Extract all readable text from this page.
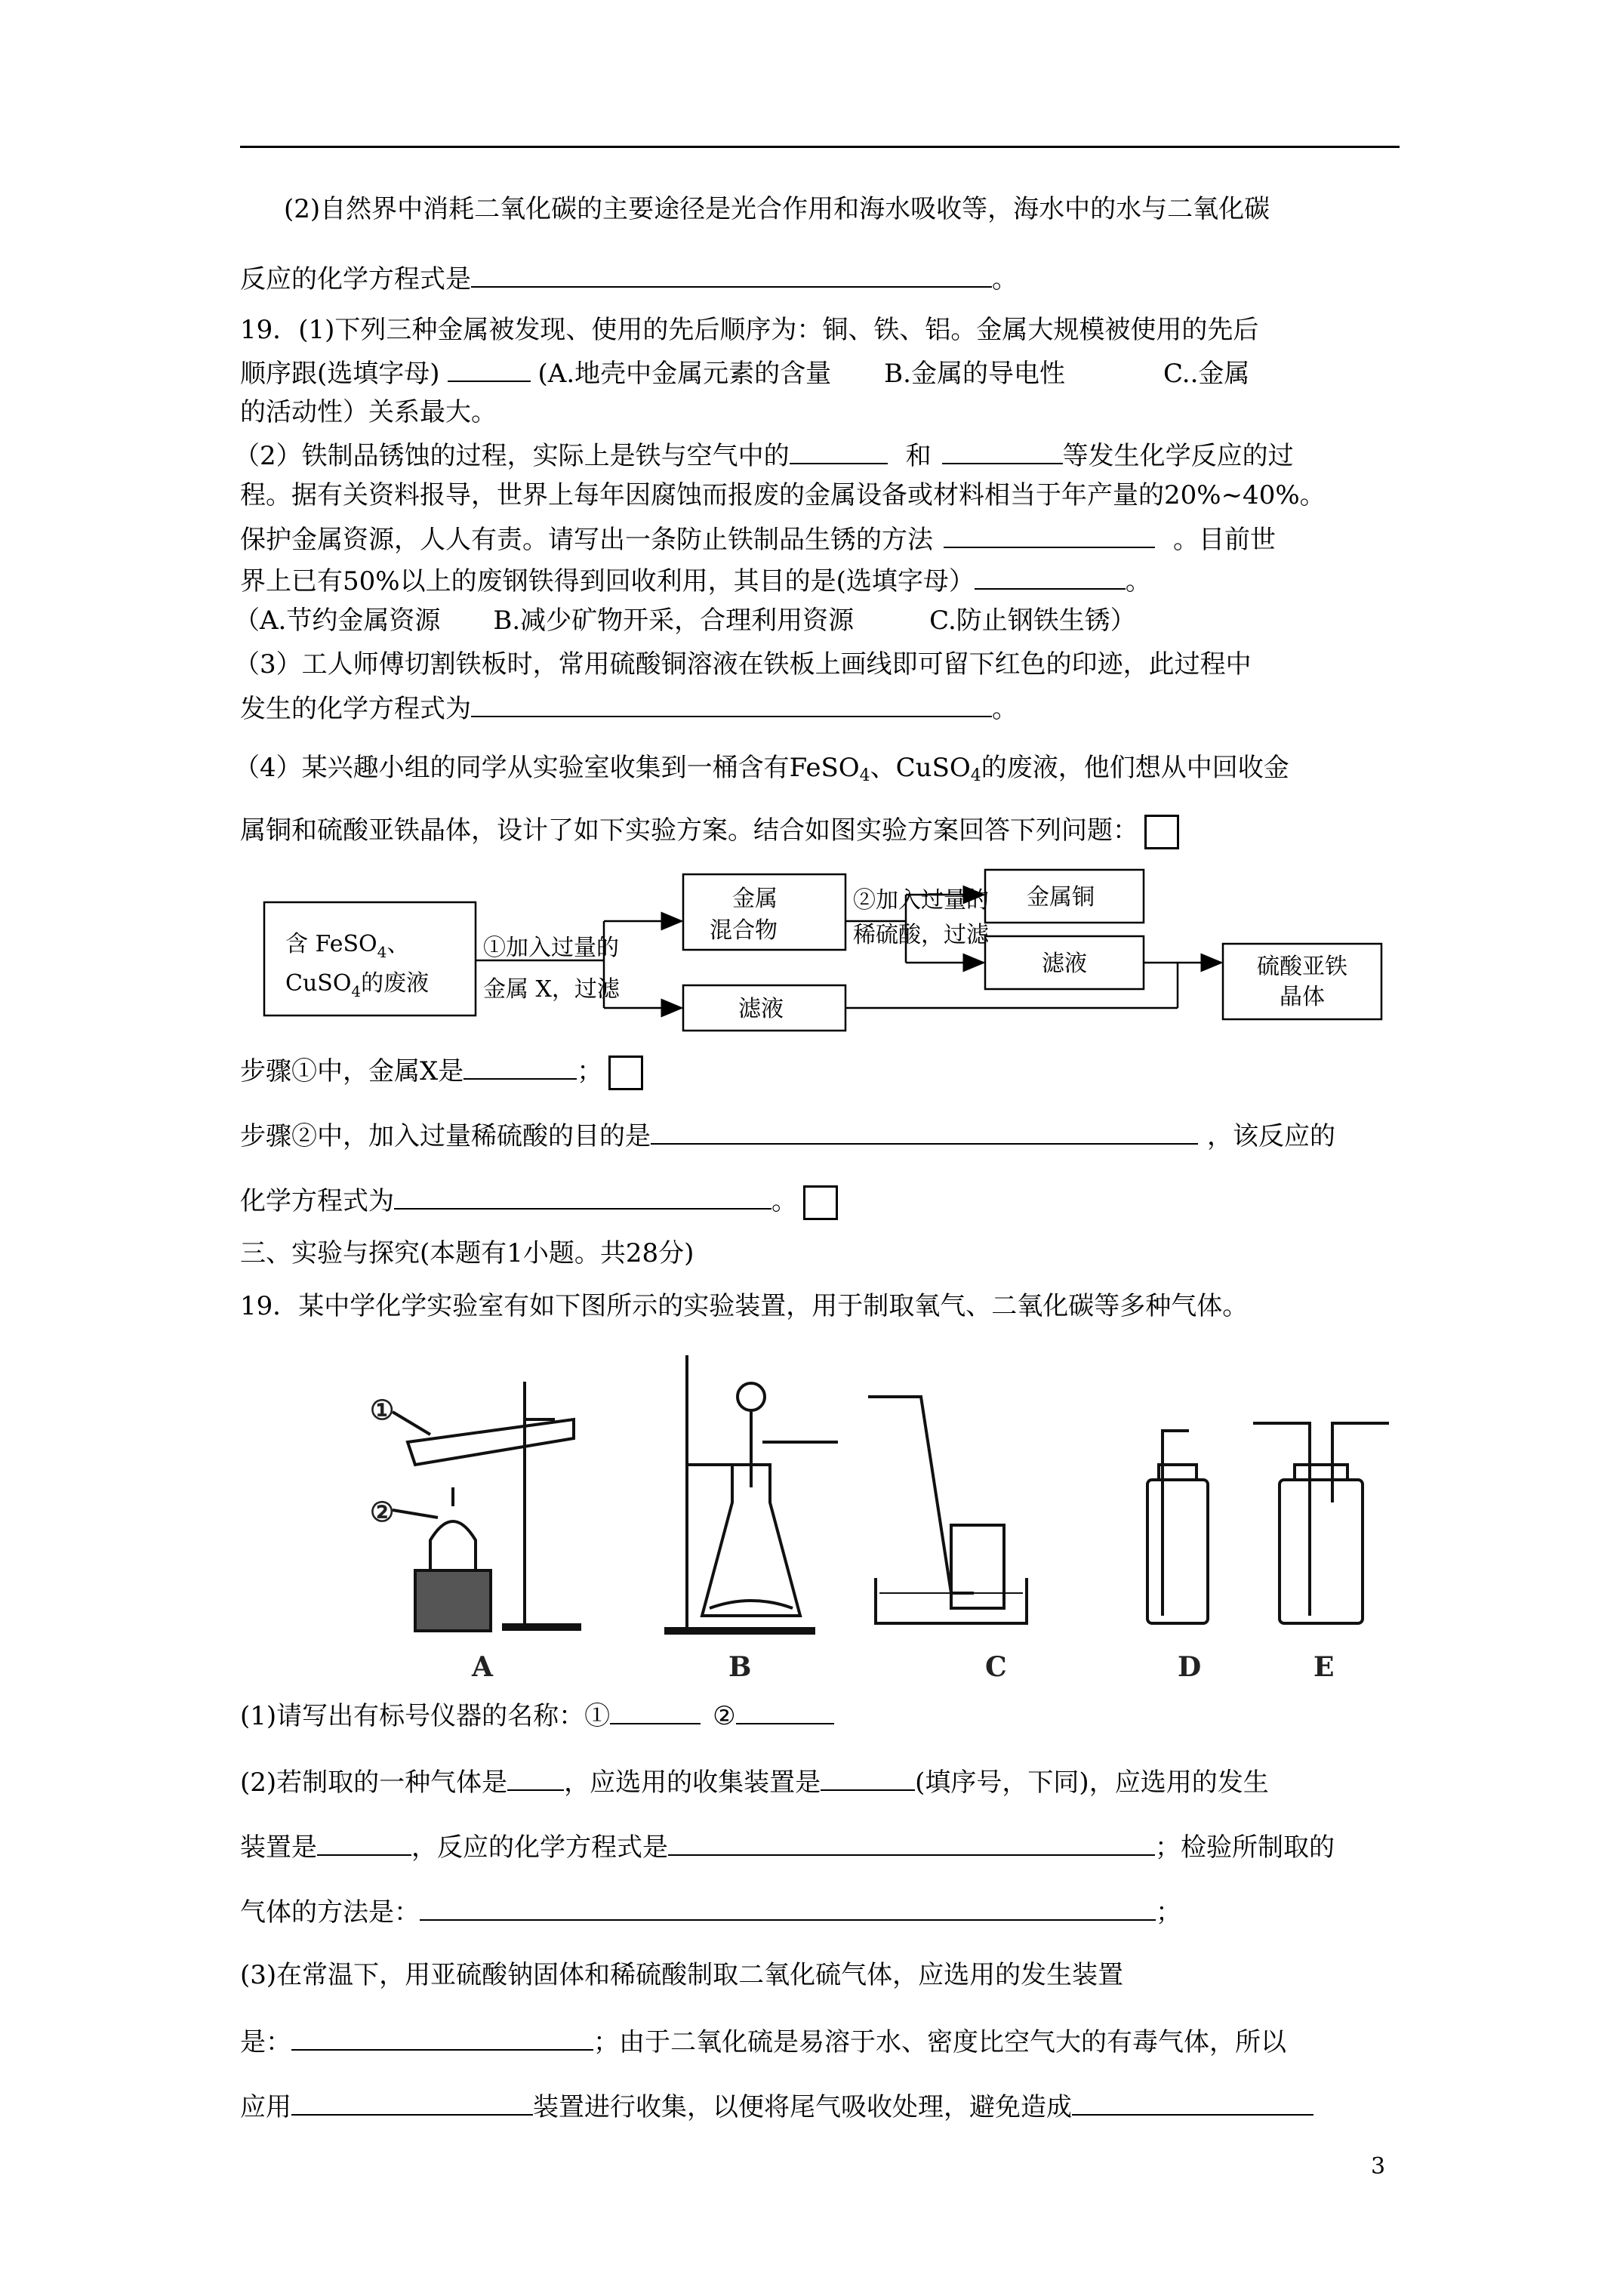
(2)自然界中消耗二氧化碳的主要途径是光合作用和海水吸收等，海水中的水与二氧化碳
反应的化学方程式是	。
19．(1)下列三种金属被发现、使用的先后顺序为：铜、铁、铝。金属大规模被使用的先后
顺序跟(选填字母)	(A.地壳中金属元素的含量 B.金属的导电性	C..金属
的活动性）关系最大。
（2）铁制品锈蚀的过程，实际上是铁与空气中的	和	等发生化学反应的过
程。据有关资料报导，世界上每年因腐蚀而报废的金属设备或材料相当于年产量的20%~40%。
保护金属资源，人人有责。请写出一条防止铁制品生锈的方法	。目前世
界上已有50%以上的废钢铁得到回收利用，其目的是(选填字母）	。
（A.节约金属资源 B.减少矿物开采，合理利用资源	C.防止钢铁生锈）
（3）工人师傅切割铁板时，常用硫酸铜溶液在铁板上画线即可留下红色的印迹，此过程中
发生的化学方程式为	。
（4）某兴趣小组的同学从实验室收集到一桶含有FeSO$_4$、CuSO$_4$的废液，他们想从中回收金
属铜和硫酸亚铁晶体，设计了如下实验方案。结合如图实验方案回答下列问题：
含 FeSO$_4$、
CuSO$_4$的废液
①加入过量的
金属 X，过滤
金属
混合物
②加入过量的
稀硫酸，过滤
金属铜
滤液
滤液
硫酸亚铁
晶体
步骤①中，金属X是	；
步骤②中，加入过量稀硫酸的目的是	，该反应的
化学方程式为	。
三、实验与探究(本题有1小题。共28分)
19．某中学化学实验室有如下图所示的实验装置，用于制取氧气、二氧化碳等多种气体。
①
②
A	B	C	D	E
(1)请写出有标号仪器的名称：①	②
(2)若制取的一种气体是 ，应选用的收集装置是	(填序号，下同)，应选用的发生
装置是	，反应的化学方程式是	；检验所制取的
气体的方法是：	；
(3)在常温下，用亚硫酸钠固体和稀硫酸制取二氧化硫气体，应选用的发生装置
是：	；由于二氧化硫是易溶于水、密度比空气大的有毒气体，所以
应用	装置进行收集，以便将尾气吸收处理，避免造成
3
